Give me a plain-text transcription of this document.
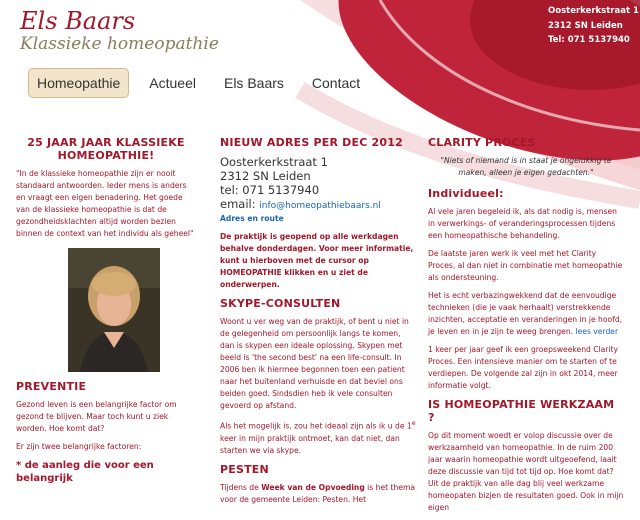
Els Baars
Klassieke homeopathie
Oosterkerkstraat 1
2312 SN Leiden
Tel: 071 5137940
Homeopathie	Actueel	Els Baars	Contact
25 JAAR JAAR KLASSIEKE HOMEOPATHIE!

"In de klassieke homeopathie zijn er nooit standaard antwoorden. Ieder mens is anders en vraagt een eigen benadering. Het goede van de klassieke homeopathie is dat de gezondheidsklachten altijd worden bezien binnen de context van het individu als geheel"

PREVENTIE

Gezond leven is een belangrijke factor om gezond te blijven. Maar toch kunt u ziek worden. Hoe komt dat?

Er zijn twee belangrijke factoren:

* de aanleg die voor een belangrijk
NIEUW ADRES PER DEC 2012
Oosterkerkstraat 1
2312 SN Leiden
tel: 071 5137940
email: info@homeopathiebaars.nl

Adres en route

De praktijk is geopend op alle werkdagen behalve donderdagen. Voor meer informatie, kunt u hierboven met de cursor op HOMEOPATHIE klikken en u ziet de onderwerpen.

SKYPE-CONSULTEN

Woont u ver weg van de praktijk, of bent u niet in de gelegenheid om persoonlijk langs te komen, dan is skypen een ideale oplossing. Skypen met beeld is 'the second best' na een life-consult. In 2006 ben ik hiermee begonnen toen een patient naar het buitenland verhuisde en dat beviel ons beiden goed. Sindsdien heb ik vele consulten gevoerd op afstand.

Als het mogelijk is, zou het ideaal zijn als ik u de 1e keer in mijn praktijk ontmoet, kan dat niet, dan starten we via skype.

PESTEN

Tijdens de Week van de Opvoeding is het thema voor de gemeente Leiden: Pesten. Het

CLARITY PROCES
"Niets of niemand is in staat je ongelukkig te maken, alleen je eigen gedachten."
Individueel:

Al vele jaren begeleid ik, als dat nodig is, mensen in verwerkings- of veranderingsprocessen tijdens een homeopathische behandeling.

De laatste jaren werk ik veel met het Clarity Proces, al dan niet in combinatie met homeopathie als ondersteuning.

Het is echt verbazingwekkend dat de eenvoudige technieken (die je vaak herhaalt) verstrekkende inzichten, acceptatie en veranderingen in je hoofd, je leven en in je zijn te weeg brengen. lees verder

1 keer per jaar geef ik een groepsweekend Clarity Proces. Een intensieve manier om te starten of te verdiepen. De volgende zal zijn in okt 2014, meer informatie volgt.

IS HOMEOPATHIE WERKZAAM ?

Op dit moment woedt er volop discussie over de werkzaamheid van homeopathie. In de ruim 200 jaar waarin homeopathie wordt uitgeoefend, laait deze discussie van tijd tot tijd op. Hoe komt dat? Uit de praktijk van alle dag blij veel werkzame homeopaten bizjen de resultaten goed. Ook in mijn eigen
